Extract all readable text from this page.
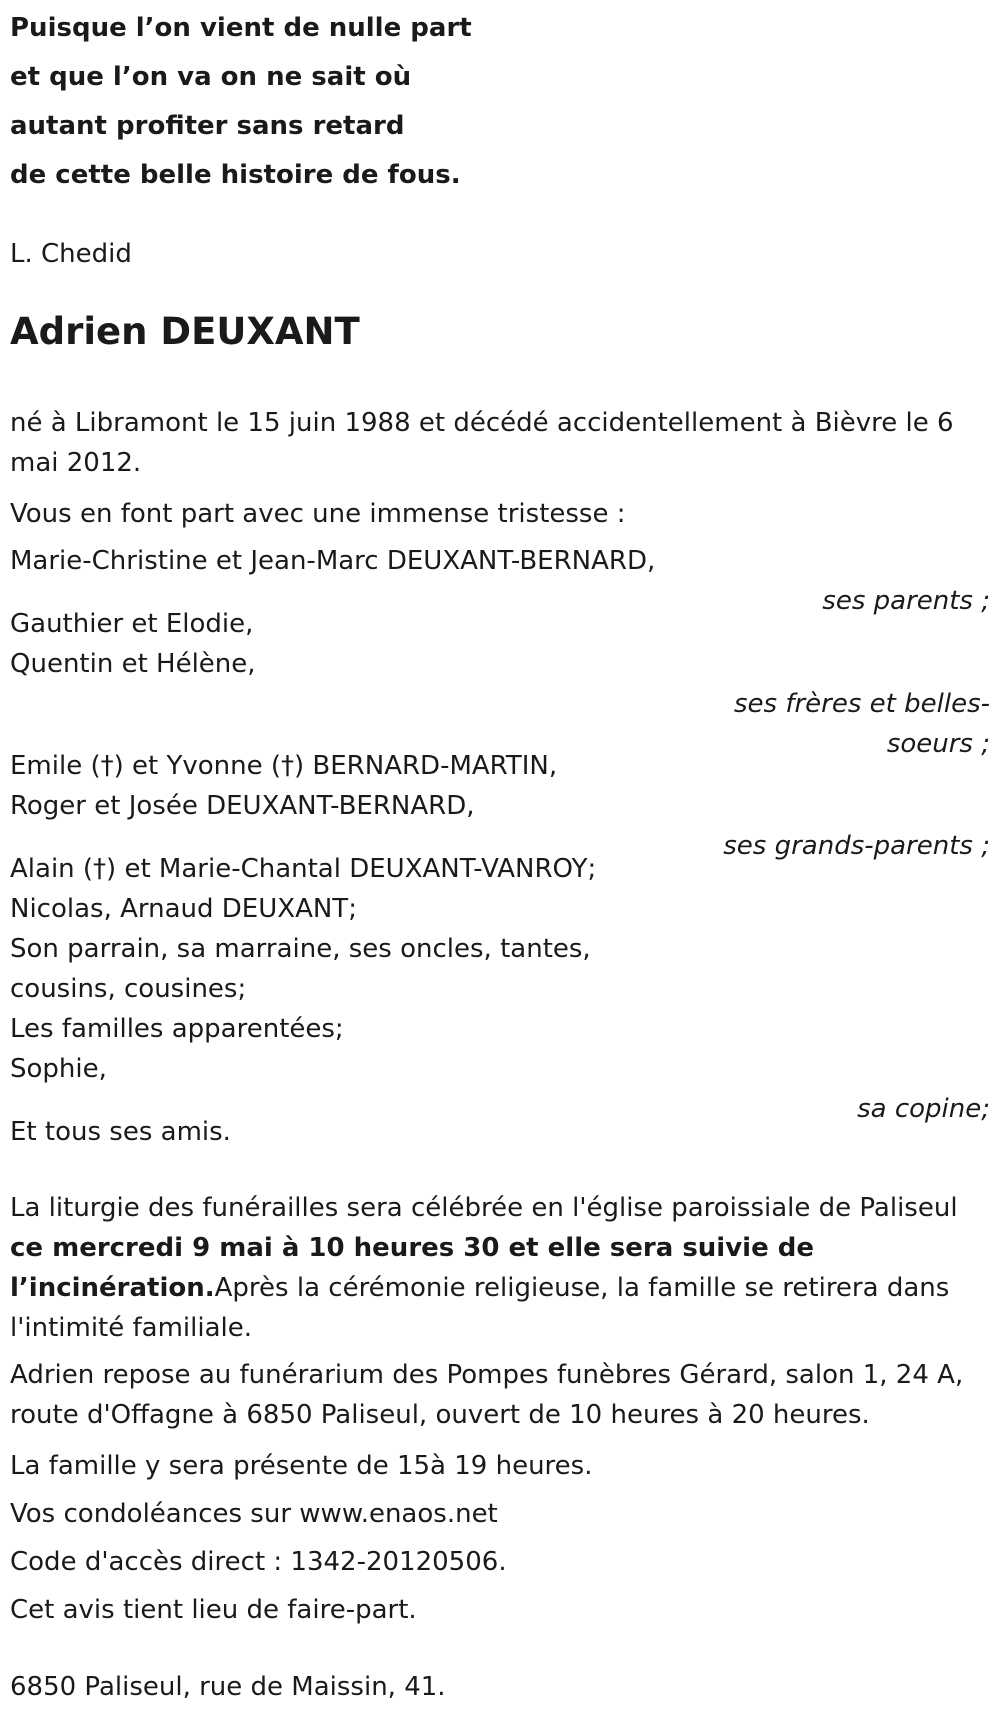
Puisque l’on vient de nulle part
et que l’on va on ne sait où
autant profiter sans retard
de cette belle histoire de fous.
L. Chedid
Adrien DEUXANT
né à Libramont le 15 juin 1988 et décédé accidentellement à Bièvre le 6
mai 2012.
Vous en font part avec une immense tristesse :
Marie-Christine et Jean-Marc DEUXANT-BERNARD,
ses parents ;
Gauthier et Elodie,
Quentin et Hélène,
ses frères et belles-
soeurs ;
Emile (†) et Yvonne (†) BERNARD-MARTIN,
Roger et Josée DEUXANT-BERNARD,
ses grands-parents ;
Alain (†) et Marie-Chantal DEUXANT-VANROY;
Nicolas, Arnaud DEUXANT;
Son parrain, sa marraine, ses oncles, tantes,
cousins, cousines;
Les familles apparentées;
Sophie,
sa copine;
Et tous ses amis.
La liturgie des funérailles sera célébrée en l'église paroissiale de Paliseul
ce mercredi 9 mai à 10 heures 30 et elle sera suivie de
l’incinération.Après la cérémonie religieuse, la famille se retirera dans
l'intimité familiale.
Adrien repose au funérarium des Pompes funèbres Gérard, salon 1, 24 A,
route d'Offagne à 6850 Paliseul, ouvert de 10 heures à 20 heures.
La famille y sera présente de 15à 19 heures.
Vos condoléances sur www.enaos.net
Code d'accès direct : 1342-20120506.
Cet avis tient lieu de faire-part.
6850 Paliseul, rue de Maissin, 41.
